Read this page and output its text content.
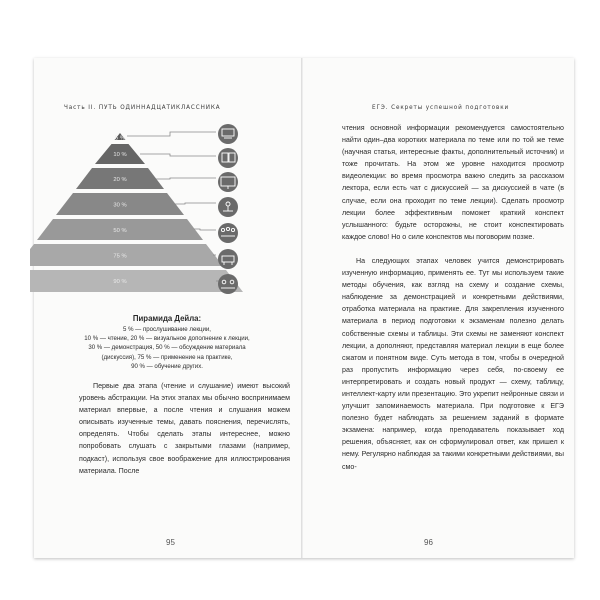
Часть II. ПУТЬ ОДИННАДЦАТИКЛАССНИКА
5 %
10 %
20 %
30 %
50 %
75 %
90 %
Пирамида Дейла:
5 % — прослушивание лекции,
10 % — чтение, 20 % — визуальное дополнение к лекции,
30 % — демонстрация, 50 % — обсуждение материала
(дискуссия), 75 % — применение на практике,
90 % — обучение других.

Первые два этапа (чтение и слушание) имеют высокий уровень абстракции. На этих этапах мы обычно воспринимаем материал впервые, а после чтения и слушания можем описывать изученные темы, давать пояснения, перечислять, определять. Чтобы сделать этапы интереснее, можно попробовать слушать с закрытыми глазами (например, подкаст), используя свое воображение для иллюстрирования материала. После

95
ЕГЭ. Секреты успешной подготовки

чтения основной информации рекомендуется самостоятельно найти один–два коротких материала по теме или по той же теме (научная статья, интересные факты, дополнительный источник) и тоже прочитать. На этом же уровне находится просмотр видеолекции: во время просмотра важно следить за рассказом лектора, если есть чат с дискуссией — за дискуссией в чате (в случае, если она проходит по теме лекции). Сделать просмотр лекции более эффективным поможет краткий конспект услышанного: будьте осторожны, не стоит конспектировать каждое слово! Но о силе конспектов мы поговорим позже.

На следующих этапах человек учится демонстрировать изученную информацию, применять ее. Тут мы используем такие методы обучения, как взгляд на схему и создание схемы, наблюдение за демонстрацией и конкретными действиями, отработка материала на практике. Для закрепления изученного материала в период подготовки к экзаменам полезно делать собственные схемы и таблицы. Эти схемы не заменяют конспект лекции, а дополняют, представляя материал лекции в еще более сжатом и понятном виде. Суть метода в том, чтобы в очередной раз пропустить информацию через себя, по-своему ее интерпретировать и создать новый продукт — схему, таблицу, интеллект-карту или презентацию. Это укрепит нейронные связи и улучшит запоминаемость материала. При подготовке к ЕГЭ полезно будет наблюдать за решением заданий в формате экзамена: например, когда преподаватель показывает ход решения, объясняет, как он сформулировал ответ, как пришел к нему. Регулярно наблюдая за такими конкретными действиями, вы смо-

96
